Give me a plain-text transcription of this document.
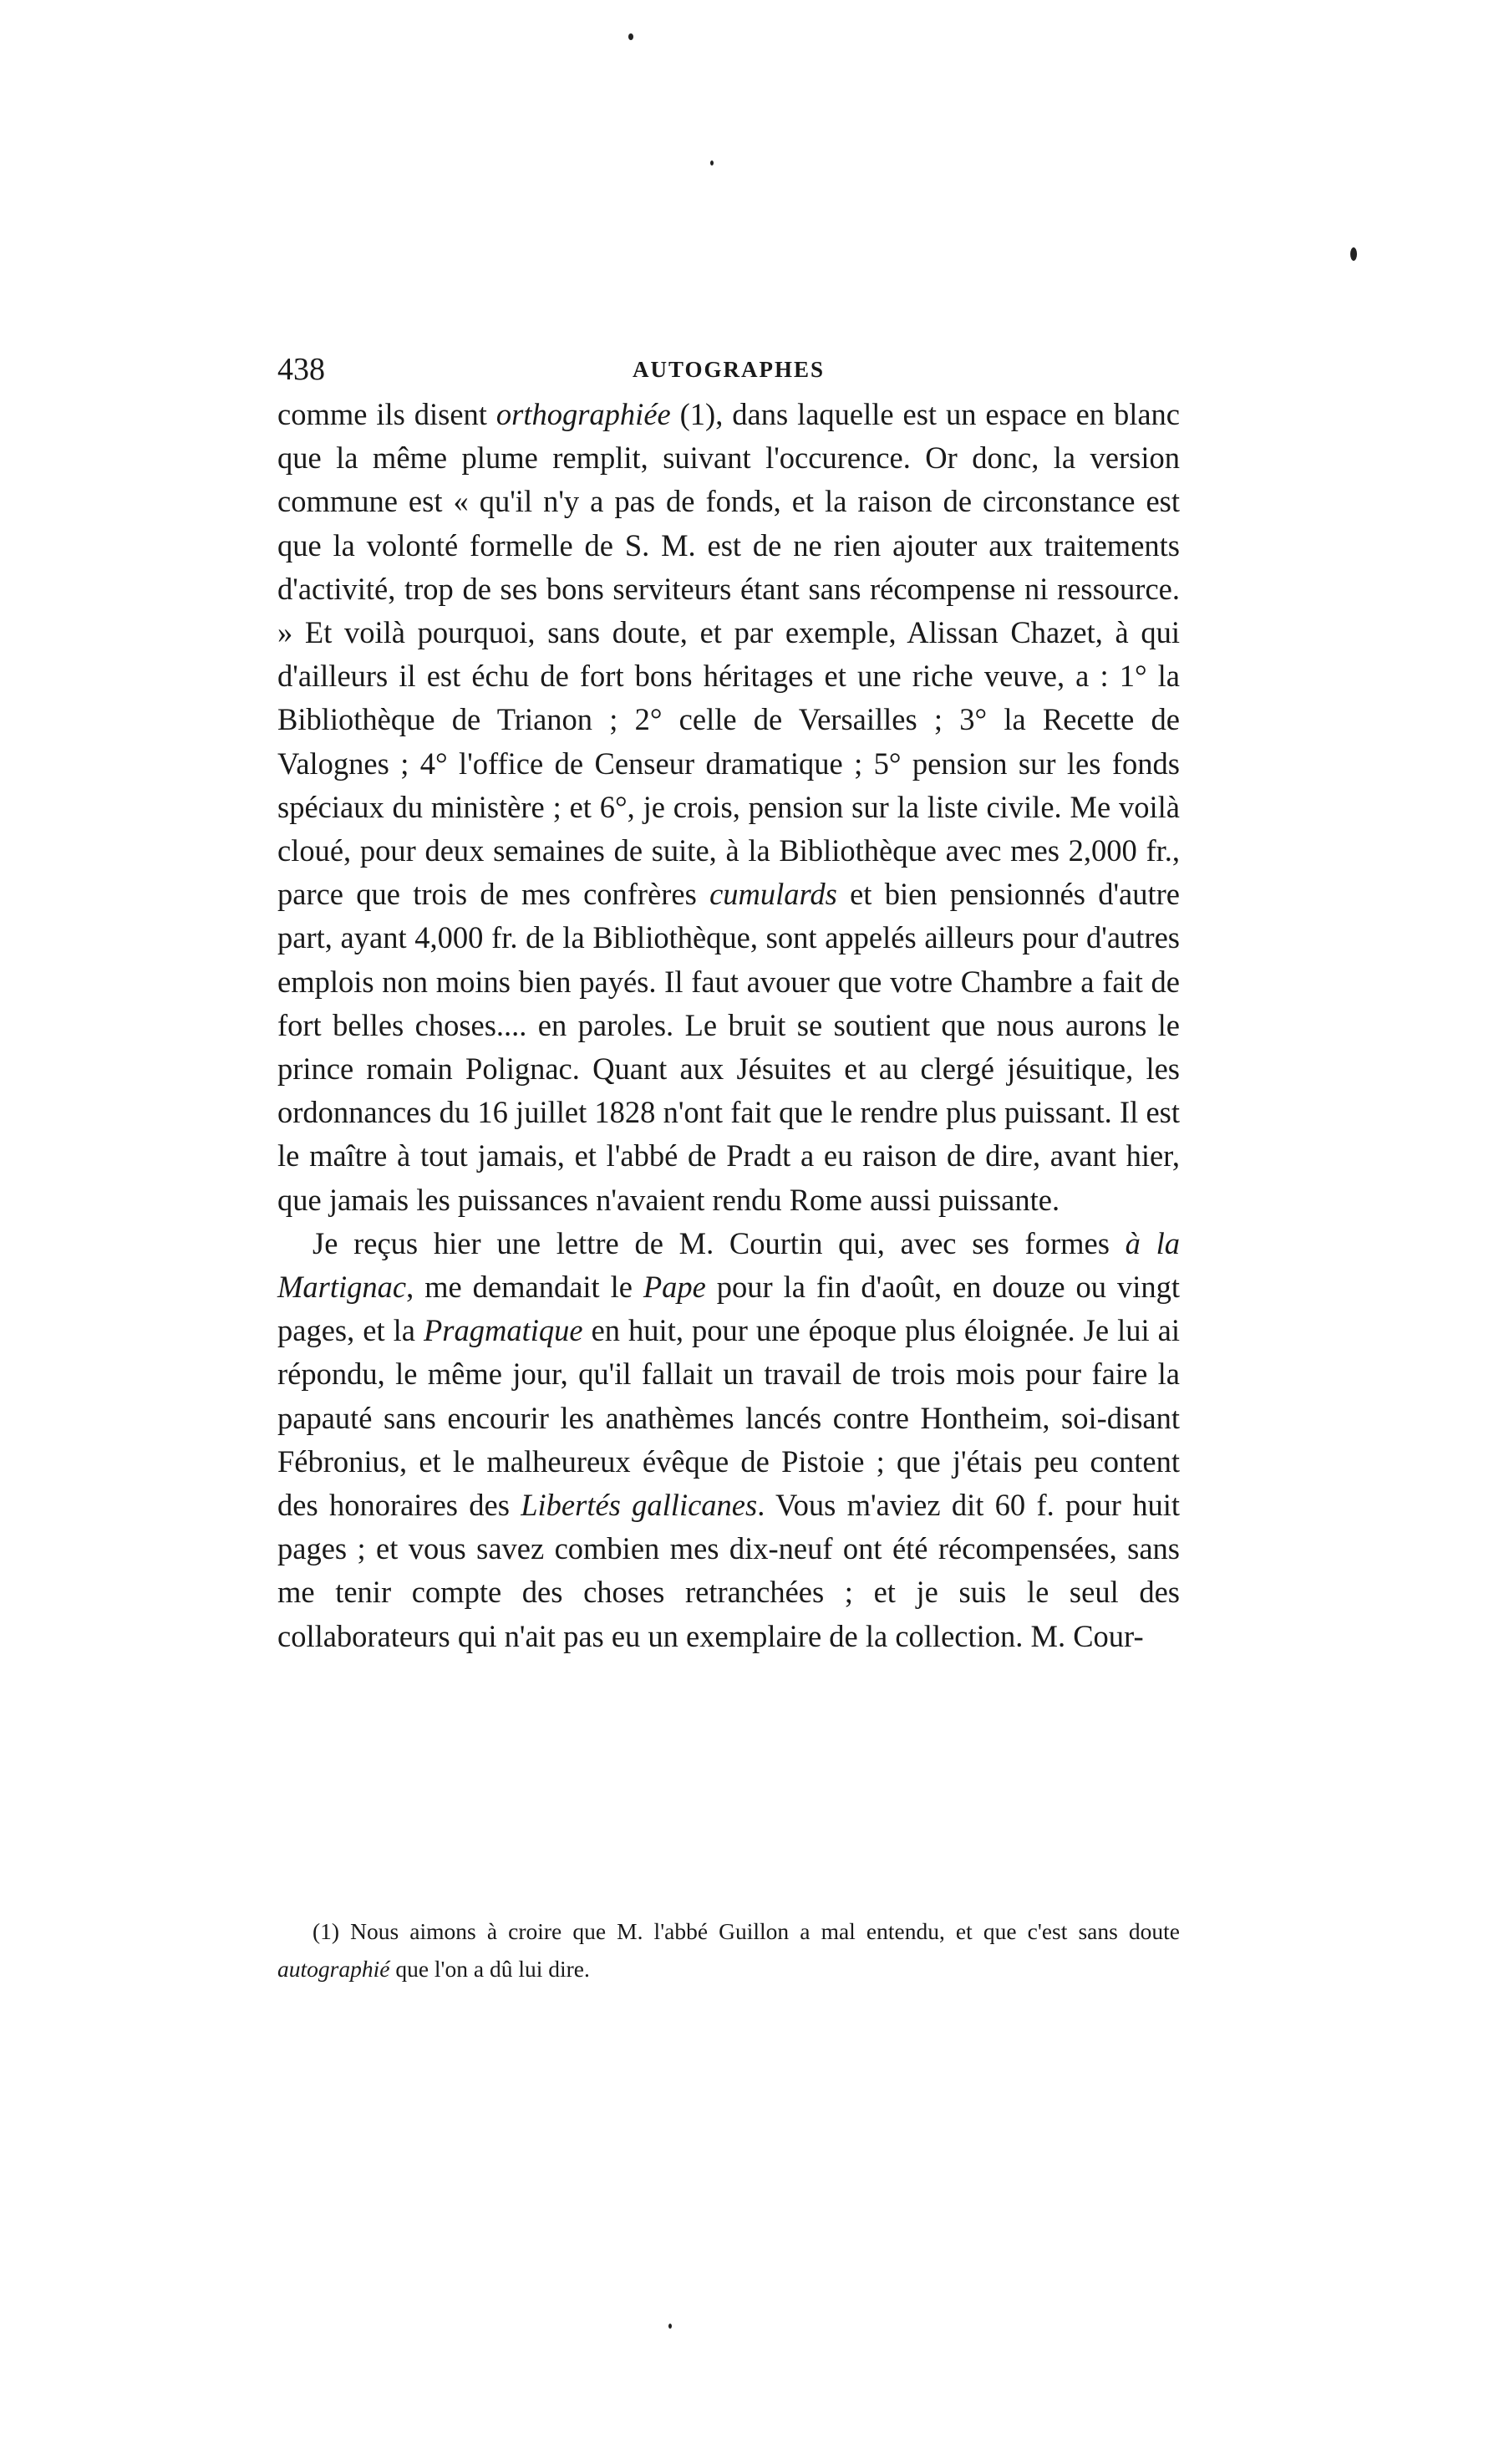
438	AUTOGRAPHES

comme ils disent orthographiée (1), dans laquelle est un espace en blanc que la même plume remplit, suivant l'occurence. Or donc, la version commune est « qu'il n'y a pas de fonds, et la raison de circonstance est que la volonté formelle de S. M. est de ne rien ajouter aux traitements d'activité, trop de ses bons serviteurs étant sans récompense ni ressource. » Et voilà pourquoi, sans doute, et par exemple, Alissan Chazet, à qui d'ailleurs il est échu de fort bons héritages et une riche veuve, a : 1° la Bibliothèque de Trianon ; 2° celle de Versailles ; 3° la Recette de Valognes ; 4° l'office de Censeur dramatique ; 5° pension sur les fonds spéciaux du ministère ; et 6°, je crois, pension sur la liste civile. Me voilà cloué, pour deux semaines de suite, à la Bibliothèque avec mes 2,000 fr., parce que trois de mes confrères cumulards et bien pensionnés d'autre part, ayant 4,000 fr. de la Bibliothèque, sont appelés ailleurs pour d'autres emplois non moins bien payés. Il faut avouer que votre Chambre a fait de fort belles choses.... en paroles. Le bruit se soutient que nous aurons le prince romain Polignac. Quant aux Jésuites et au clergé jésuitique, les ordonnances du 16 juillet 1828 n'ont fait que le rendre plus puissant. Il est le maître à tout jamais, et l'abbé de Pradt a eu raison de dire, avant hier, que jamais les puissances n'avaient rendu Rome aussi puissante.

Je reçus hier une lettre de M. Courtin qui, avec ses formes à la Martignac, me demandait le Pape pour la fin d'août, en douze ou vingt pages, et la Pragmatique en huit, pour une époque plus éloignée. Je lui ai répondu, le même jour, qu'il fallait un travail de trois mois pour faire la papauté sans encourir les anathèmes lancés contre Hontheim, soi-disant Fébronius, et le malheureux évêque de Pistoie ; que j'étais peu content des honoraires des Libertés gallicanes. Vous m'aviez dit 60 f. pour huit pages ; et vous savez combien mes dix-neuf ont été récompensées, sans me tenir compte des choses retranchées ; et je suis le seul des collaborateurs qui n'ait pas eu un exemplaire de la collection. M. Cour-

(1) Nous aimons à croire que M. l'abbé Guillon a mal entendu, et que c'est sans doute autographié que l'on a dû lui dire.
